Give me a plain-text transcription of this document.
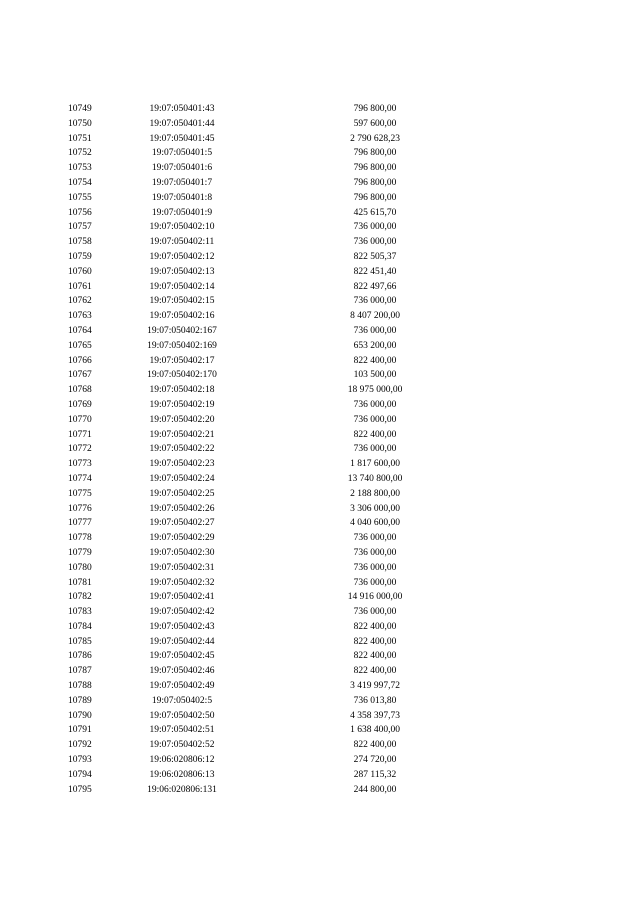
10749	19:07:050401:43	796 800,00
10750	19:07:050401:44	597 600,00
10751	19:07:050401:45	2 790 628,23
10752	19:07:050401:5	796 800,00
10753	19:07:050401:6	796 800,00
10754	19:07:050401:7	796 800,00
10755	19:07:050401:8	796 800,00
10756	19:07:050401:9	425 615,70
10757	19:07:050402:10	736 000,00
10758	19:07:050402:11	736 000,00
10759	19:07:050402:12	822 505,37
10760	19:07:050402:13	822 451,40
10761	19:07:050402:14	822 497,66
10762	19:07:050402:15	736 000,00
10763	19:07:050402:16	8 407 200,00
10764	19:07:050402:167	736 000,00
10765	19:07:050402:169	653 200,00
10766	19:07:050402:17	822 400,00
10767	19:07:050402:170	103 500,00
10768	19:07:050402:18	18 975 000,00
10769	19:07:050402:19	736 000,00
10770	19:07:050402:20	736 000,00
10771	19:07:050402:21	822 400,00
10772	19:07:050402:22	736 000,00
10773	19:07:050402:23	1 817 600,00
10774	19:07:050402:24	13 740 800,00
10775	19:07:050402:25	2 188 800,00
10776	19:07:050402:26	3 306 000,00
10777	19:07:050402:27	4 040 600,00
10778	19:07:050402:29	736 000,00
10779	19:07:050402:30	736 000,00
10780	19:07:050402:31	736 000,00
10781	19:07:050402:32	736 000,00
10782	19:07:050402:41	14 916 000,00
10783	19:07:050402:42	736 000,00
10784	19:07:050402:43	822 400,00
10785	19:07:050402:44	822 400,00
10786	19:07:050402:45	822 400,00
10787	19:07:050402:46	822 400,00
10788	19:07:050402:49	3 419 997,72
10789	19:07:050402:5	736 013,80
10790	19:07:050402:50	4 358 397,73
10791	19:07:050402:51	1 638 400,00
10792	19:07:050402:52	822 400,00
10793	19:06:020806:12	274 720,00
10794	19:06:020806:13	287 115,32
10795	19:06:020806:131	244 800,00
